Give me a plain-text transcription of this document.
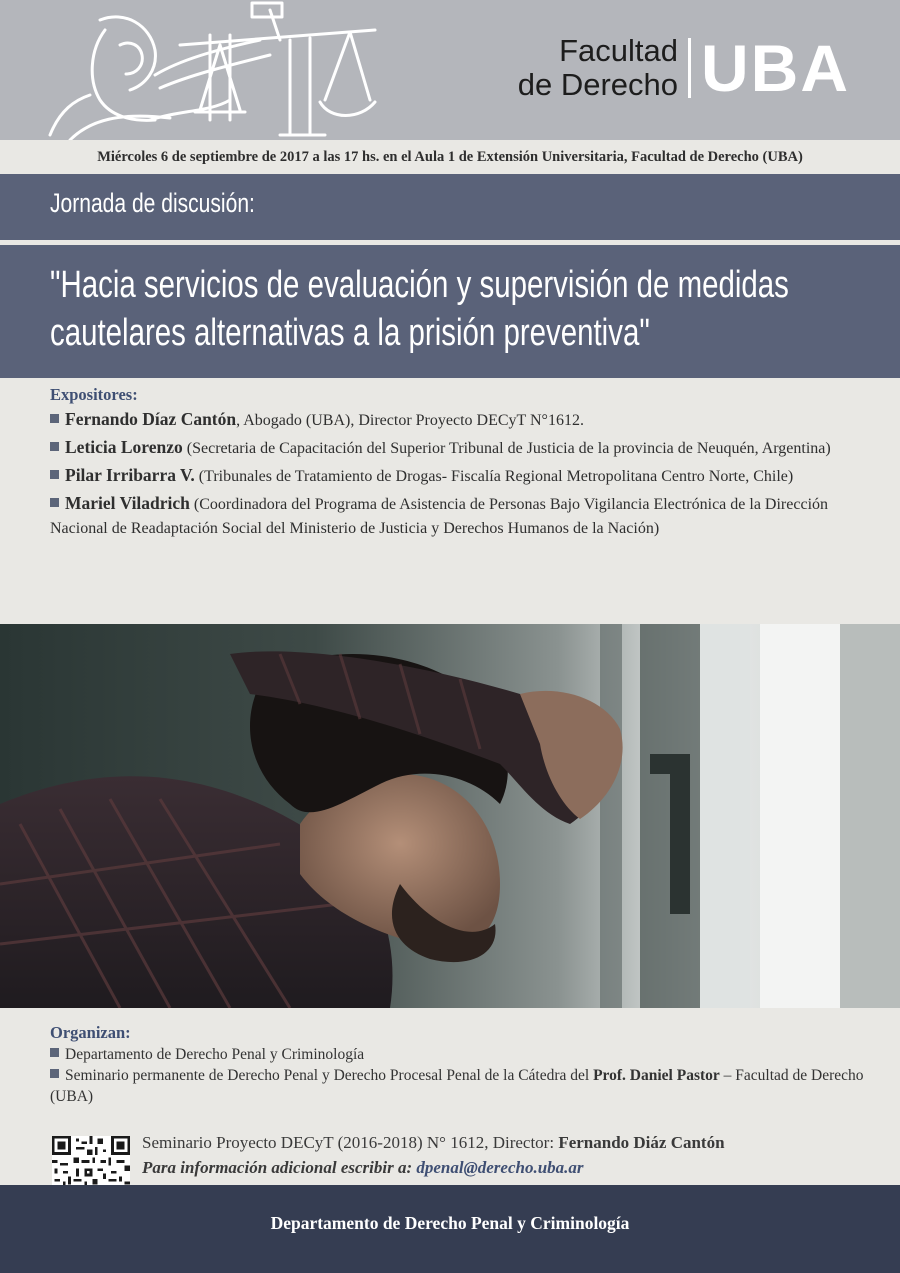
Facultad
de Derecho UBA
Miércoles 6 de septiembre de 2017 a las 17 hs. en el Aula 1 de Extensión Universitaria, Facultad de Derecho (UBA)
Jornada de discusión:
"Hacia servicios de evaluación y supervisión de medidas cautelares alternativas a la prisión preventiva"
Expositores:
Fernando Díaz Cantón, Abogado (UBA), Director Proyecto DECyT N°1612.
Leticia Lorenzo (Secretaria de Capacitación del Superior Tribunal de Justicia de la provincia de Neuquén, Argentina)
Pilar Irribarra V. (Tribunales de Tratamiento de Drogas- Fiscalía Regional Metropolitana Centro Norte, Chile)
Mariel Viladrich (Coordinadora del Programa de Asistencia de Personas Bajo Vigilancia Electrónica de la Dirección Nacional de Readaptación Social del Ministerio de Justicia y Derechos Humanos de la Nación)
Organizan:
Departamento de Derecho Penal y Criminología
Seminario permanente de Derecho Penal y Derecho Procesal Penal de la Cátedra del Prof. Daniel Pastor – Facultad de Derecho (UBA)
Seminario Proyecto DECyT (2016-2018) N° 1612, Director: Fernando Diáz Cantón
Para información adicional escribir a: dpenal@derecho.uba.ar
Departamento de Derecho Penal y Criminología
